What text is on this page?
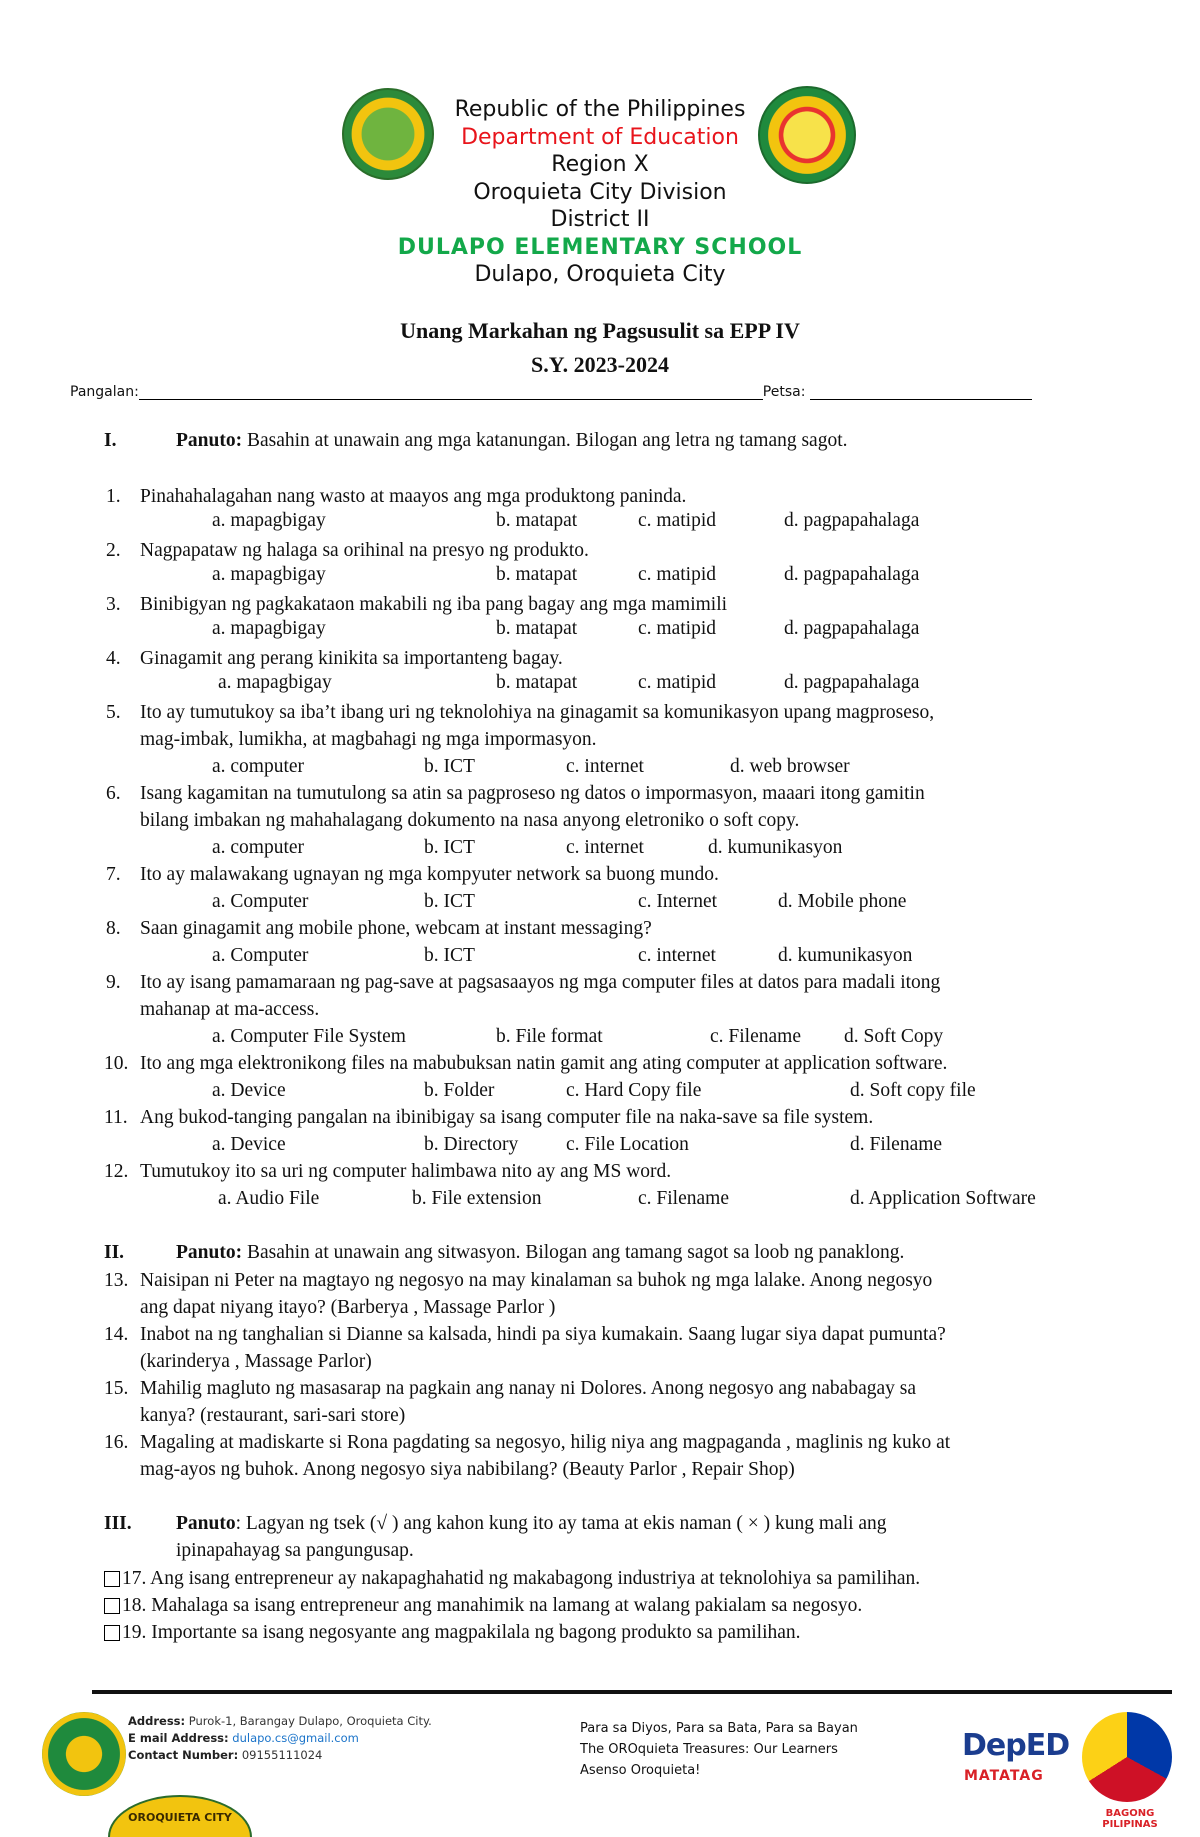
Republic of the Philippines
Department of Education
Region X
Oroquieta City Division
District II
DULAPO ELEMENTARY SCHOOL
Dulapo, Oroquieta City
Unang Markahan ng Pagsusulit sa EPP IV
S.Y. 2023-2024
Pangalan:	Petsa:
I.	Panuto: Basahin at unawain ang mga katanungan. Bilogan ang letra ng tamang sagot.
1. Pinahahalagahan nang wasto at maayos ang mga produktong paninda.
a. mapagbigay	b. matapat	c. matipid	d. pagpapahalaga
2. Nagpapataw ng halaga sa orihinal na presyo ng produkto.
a. mapagbigay	b. matapat	c. matipid	d. pagpapahalaga
3. Binibigyan ng pagkakataon makabili ng iba pang bagay ang mga mamimili
a. mapagbigay	b. matapat	c. matipid	d. pagpapahalaga
4. Ginagamit ang perang kinikita sa importanteng bagay.
a. mapagbigay	b. matapat	c. matipid	d. pagpapahalaga
5. Ito ay tumutukoy sa iba’t ibang uri ng teknolohiya na ginagamit sa komunikasyon upang magproseso,
mag-imbak, lumikha, at magbahagi ng mga impormasyon.
a. computer	b. ICT	c. internet	d. web browser
6. Isang kagamitan na tumutulong sa atin sa pagproseso ng datos o impormasyon, maaari itong gamitin
bilang imbakan ng mahahalagang dokumento na nasa anyong eletroniko o soft copy.
a. computer	b. ICT	c. internet	d. kumunikasyon
7. Ito ay malawakang ugnayan ng mga kompyuter network sa buong mundo.
a. Computer	b. ICT	c. Internet	d. Mobile phone
8. Saan ginagamit ang mobile phone, webcam at instant messaging?
a. Computer	b. ICT	c. internet	d. kumunikasyon
9. Ito ay isang pamamaraan ng pag-save at pagsasaayos ng mga computer files at datos para madali itong
mahanap at ma-access.
a. Computer File System	b. File format	c. Filename d. Soft Copy
10. Ito ang mga elektronikong files na mabubuksan natin gamit ang ating computer at application software.
a. Device	b. Folder	c. Hard Copy file	d. Soft copy file
11. Ang bukod-tanging pangalan na ibinibigay sa isang computer file na naka-save sa file system.
a. Device	b. Directory c. File Location	d. Filename
12. Tumutukoy ito sa uri ng computer halimbawa nito ay ang MS word.
a. Audio File	b. File extension	c. Filename	d. Application Software
II.	Panuto: Basahin at unawain ang sitwasyon. Bilogan ang tamang sagot sa loob ng panaklong.
13. Naisipan ni Peter na magtayo ng negosyo na may kinalaman sa buhok ng mga lalake. Anong negosyo
ang dapat niyang itayo? (Barberya , Massage Parlor )
14. Inabot na ng tanghalian si Dianne sa kalsada, hindi pa siya kumakain. Saang lugar siya dapat pumunta?
(karinderya , Massage Parlor)
15. Mahilig magluto ng masasarap na pagkain ang nanay ni Dolores. Anong negosyo ang nababagay sa
kanya? (restaurant, sari-sari store)
16. Magaling at madiskarte si Rona pagdating sa negosyo, hilig niya ang magpaganda , maglinis ng kuko at
mag-ayos ng buhok. Anong negosyo siya nabibilang? (Beauty Parlor , Repair Shop)
III. Panuto: Lagyan ng tsek (√ ) ang kahon kung ito ay tama at ekis naman ( × ) kung mali ang
ipinapahayag sa pangungusap.
17. Ang isang entrepreneur ay nakapaghahatid ng makabagong industriya at teknolohiya sa pamilihan.
18. Mahalaga sa isang entrepreneur ang manahimik na lamang at walang pakialam sa negosyo.
19. Importante sa isang negosyante ang magpakilala ng bagong produkto sa pamilihan.
OROQUIETA CITY
Address: Purok-1, Barangay Dulapo, Oroquieta City.
E mail Address: dulapo.cs@gmail.com
Contact Number: 09155111024
Para sa Diyos, Para sa Bata, Para sa Bayan
The OROquieta Treasures: Our Learners
Asenso Oroquieta!
DepED
MATATAG
BAGONG PILIPINAS
